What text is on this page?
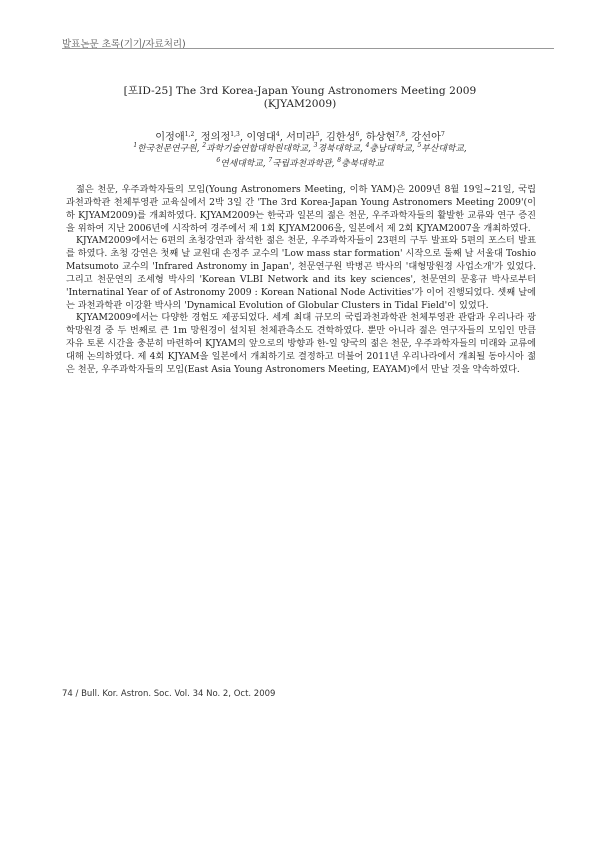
발표논문 초록(기기/자료처리)
[포ID-25] The 3rd Korea-Japan Young Astronomers Meeting 2009
(KJYAM2009)
이정애$^{1,2}$, 정의정$^{1,3}$, 이영대$^4$, 서미라$^5$, 김한성$^6$, 하상현$^{7,8}$, 강선아$^7$
$^1$한국천문연구원, $^2$과학기술연합대학원대학교, $^3$경북대학교, $^4$충남대학교, $^5$부산대학교,
$^6$연세대학교, $^7$국립과천과학관, $^8$충북대학교

젊은 천문, 우주과학자들의 모임(Young Astronomers Meeting, 이하 YAM)은 2009년 8월 19일~21일, 국립과천과학관 천체투영관 교육실에서 2박 3일 간 'The 3rd Korea-Japan Young Astronomers Meeting 2009'(이하 KJYAM2009)를 개최하였다. KJYAM2009는 한국과 일본의 젊은 천문, 우주과학자들의 활발한 교류와 연구 증진을 위하여 지난 2006년에 시작하여 경주에서 제 1회 KJYAM2006을, 일본에서 제 2회 KJYAM2007을 개최하였다.

KJYAM2009에서는 6편의 초청강연과 참석한 젊은 천문, 우주과학자들이 23편의 구두 발표와 5편의 포스터 발표를 하였다. 초청 강연은 첫째 날 교원대 손정주 교수의 'Low mass star formation' 시작으로 둘째 날 서울대 Toshio Matsumoto 교수의 'Infrared Astronomy in Japan', 천문연구원 박병곤 박사의 '대형망원경 사업소개'가 있었다. 그리고 천문연의 조세형 박사의 'Korean VLBI Network and its key sciences', 천문연의 문홍규 박사로부터 'Internatinal Year of of Astronomy 2009 : Korean National Node Activities'가 이어 진행되었다. 셋째 날에는 과천과학관 이강환 박사의 'Dynamical Evolution of Globular Clusters in Tidal Field'이 있었다.

KJYAM2009에서는 다양한 경험도 제공되었다. 세계 최대 규모의 국립과천과학관 천체투영관 관람과 우리나라 광학망원경 중 두 번째로 큰 1m 망원경이 설치된 천체관측소도 견학하였다. 뿐만 아니라 젊은 연구자들의 모임인 만큼 자유 토론 시간을 충분히 마련하여 KJYAM의 앞으로의 방향과 한-일 양국의 젊은 천문, 우주과학자들의 미래와 교류에 대해 논의하였다. 제 4회 KJYAM을 일본에서 개최하기로 결정하고 더불어 2011년 우리나라에서 개최될 동아시아 젊은 천문, 우주과학자들의 모임(East Asia Young Astronomers Meeting, EAYAM)에서 만날 것을 약속하였다.

74 / Bull. Kor. Astron. Soc. Vol. 34 No. 2, Oct. 2009
